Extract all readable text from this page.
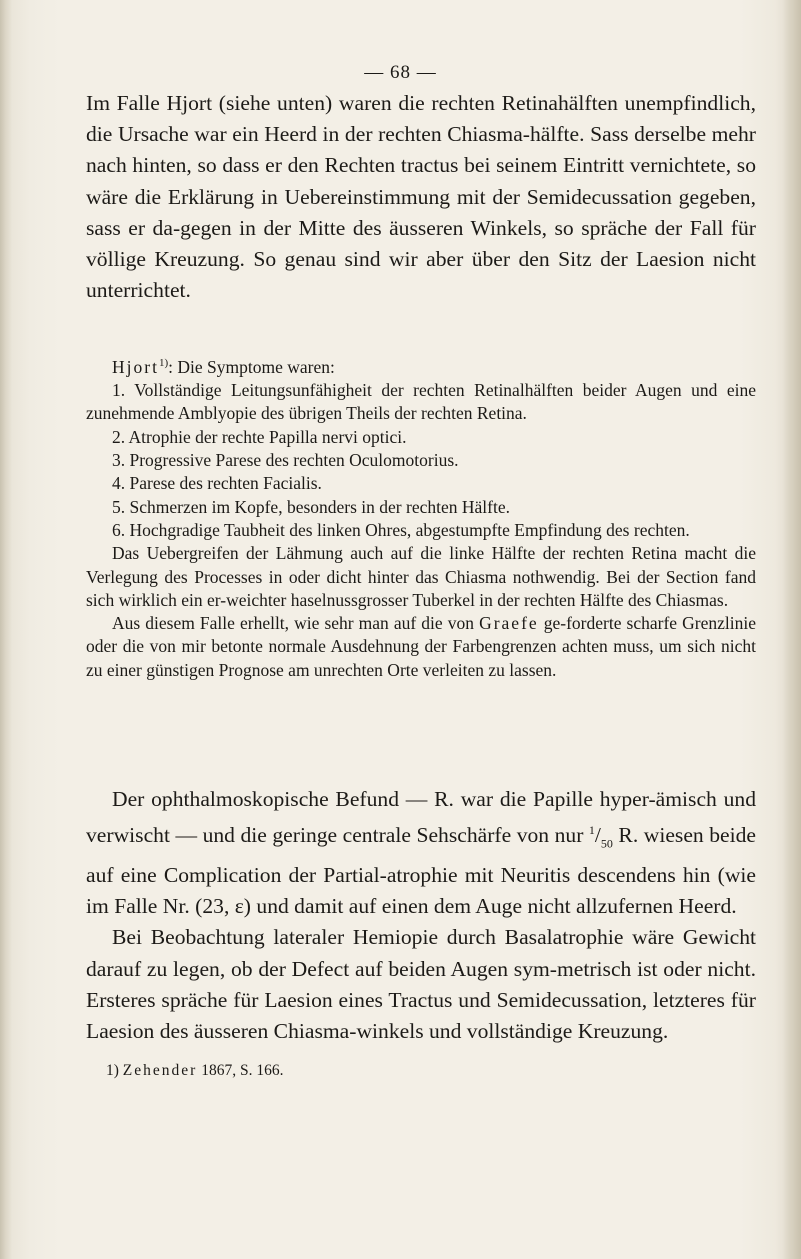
— 68 —

Im Falle Hjort (siehe unten) waren die rechten Retinahälften unempfindlich, die Ursache war ein Heerd in der rechten Chiasma-hälfte. Sass derselbe mehr nach hinten, so dass er den Rechten tractus bei seinem Eintritt vernichtete, so wäre die Erklärung in Uebereinstimmung mit der Semidecussation gegeben, sass er da-gegen in der Mitte des äusseren Winkels, so spräche der Fall für völlige Kreuzung. So genau sind wir aber über den Sitz der Laesion nicht unterrichtet.

Hjort$^{1)}$: Die Symptome waren:

1. Vollständige Leitungsunfähigheit der rechten Retinalhälften beider Augen und eine zunehmende Amblyopie des übrigen Theils der rechten Retina.

2. Atrophie der rechte Papilla nervi optici.

3. Progressive Parese des rechten Oculomotorius.

4. Parese des rechten Facialis.

5. Schmerzen im Kopfe, besonders in der rechten Hälfte.

6. Hochgradige Taubheit des linken Ohres, abgestumpfte Empfindung des rechten.

Das Uebergreifen der Lähmung auch auf die linke Hälfte der rechten Retina macht die Verlegung des Processes in oder dicht hinter das Chiasma nothwendig. Bei der Section fand sich wirklich ein er-weichter haselnussgrosser Tuberkel in der rechten Hälfte des Chiasmas.

Aus diesem Falle erhellt, wie sehr man auf die von Graefe ge-forderte scharfe Grenzlinie oder die von mir betonte normale Ausdehnung der Farbengrenzen achten muss, um sich nicht zu einer günstigen Prognose am unrechten Orte verleiten zu lassen.

Der ophthalmoskopische Befund — R. war die Papille hyper-ämisch und verwischt — und die geringe centrale Sehschärfe von nur $^1/_{50}$ R. wiesen beide auf eine Complication der Partial-atrophie mit Neuritis descendens hin (wie im Falle Nr. (23, ε) und damit auf einen dem Auge nicht allzufernen Heerd.

Bei Beobachtung lateraler Hemiopie durch Basalatrophie wäre Gewicht darauf zu legen, ob der Defect auf beiden Augen sym-metrisch ist oder nicht. Ersteres spräche für Laesion eines Tractus und Semidecussation, letzteres für Laesion des äusseren Chiasma-winkels und vollständige Kreuzung.

1) Zehender 1867, S. 166.
